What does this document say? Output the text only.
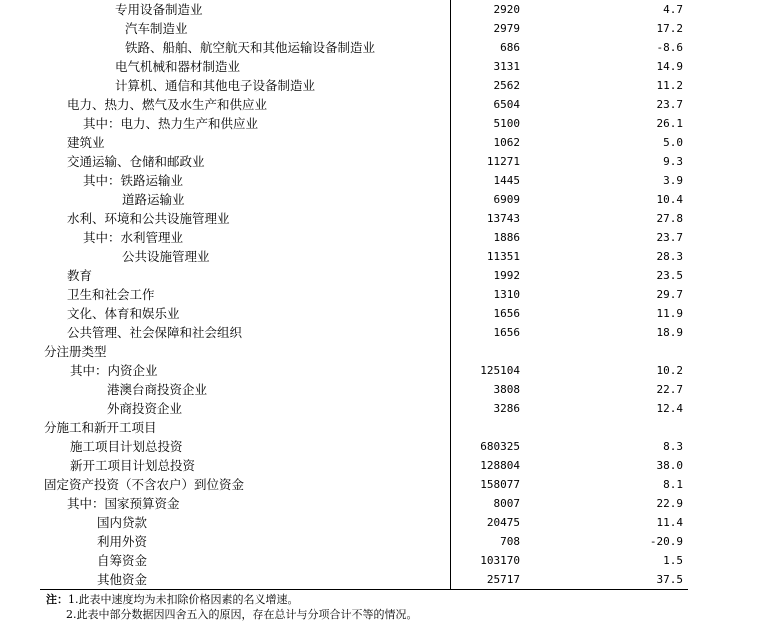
专用设备制造业	2920	4.7
汽车制造业	2979	17.2
铁路、船舶、航空航天和其他运输设备制造业	686	-8.6
电气机械和器材制造业	3131	14.9
计算机、通信和其他电子设备制造业	2562	11.2
电力、热力、燃气及水生产和供应业	6504	23.7
其中：电力、热力生产和供应业	5100	26.1
建筑业	1062	5.0
交通运输、仓储和邮政业	11271	9.3
其中：铁路运输业	1445	3.9
道路运输业	6909	10.4
水利、环境和公共设施管理业	13743	27.8
其中：水利管理业	1886	23.7
公共设施管理业	11351	28.3
教育	1992	23.5
卫生和社会工作	1310	29.7
文化、体育和娱乐业	1656	11.9
公共管理、社会保障和社会组织	1656	18.9
分注册类型
其中：内资企业	125104	10.2
港澳台商投资企业	3808	22.7
外商投资企业	3286	12.4
分施工和新开工项目
施工项目计划总投资	680325	8.3
新开工项目计划总投资	128804	38.0
固定资产投资（不含农户）到位资金	158077	8.1
其中：国家预算资金	8007	22.9
国内贷款	20475	11.4
利用外资	708	-20.9
自筹资金	103170	1.5
其他资金	25717	37.5
注：1.此表中速度均为未扣除价格因素的名义增速。
2.此表中部分数据因四舍五入的原因，存在总计与分项合计不等的情况。
